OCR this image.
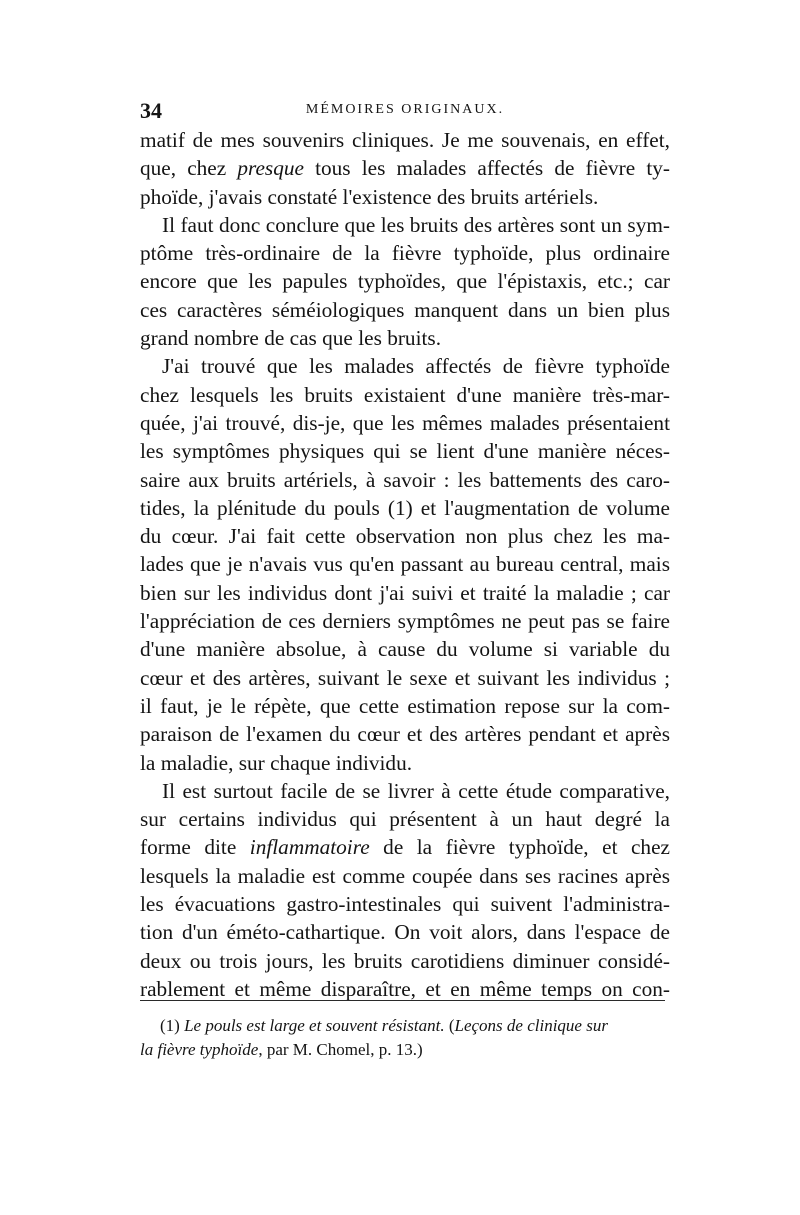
34	MÉMOIRES ORIGINAUX.
matif de mes souvenirs cliniques. Je me souvenais, en effet,
que, chez presque tous les malades affectés de fièvre ty-
phoïde, j'avais constaté l'existence des bruits artériels.
Il faut donc conclure que les bruits des artères sont un sym-
ptôme très-ordinaire de la fièvre typhoïde, plus ordinaire
encore que les papules typhoïdes, que l'épistaxis, etc.; car
ces caractères séméiologiques manquent dans un bien plus
grand nombre de cas que les bruits.
J'ai trouvé que les malades affectés de fièvre typhoïde
chez lesquels les bruits existaient d'une manière très-mar-
quée, j'ai trouvé, dis-je, que les mêmes malades présentaient
les symptômes physiques qui se lient d'une manière néces-
saire aux bruits artériels, à savoir : les battements des caro-
tides, la plénitude du pouls (1) et l'augmentation de volume
du cœur. J'ai fait cette observation non plus chez les ma-
lades que je n'avais vus qu'en passant au bureau central, mais
bien sur les individus dont j'ai suivi et traité la maladie ; car
l'appréciation de ces derniers symptômes ne peut pas se faire
d'une manière absolue, à cause du volume si variable du
cœur et des artères, suivant le sexe et suivant les individus ;
il faut, je le répète, que cette estimation repose sur la com-
paraison de l'examen du cœur et des artères pendant et après
la maladie, sur chaque individu.
Il est surtout facile de se livrer à cette étude comparative,
sur certains individus qui présentent à un haut degré la
forme dite inflammatoire de la fièvre typhoïde, et chez
lesquels la maladie est comme coupée dans ses racines après
les évacuations gastro-intestinales qui suivent l'administra-
tion d'un éméto-cathartique. On voit alors, dans l'espace de
deux ou trois jours, les bruits carotidiens diminuer considé-
rablement et même disparaître, et en même temps on con-
(1) Le pouls est large et souvent résistant. (Leçons de clinique sur
la fièvre typhoïde, par M. Chomel, p. 13.)
